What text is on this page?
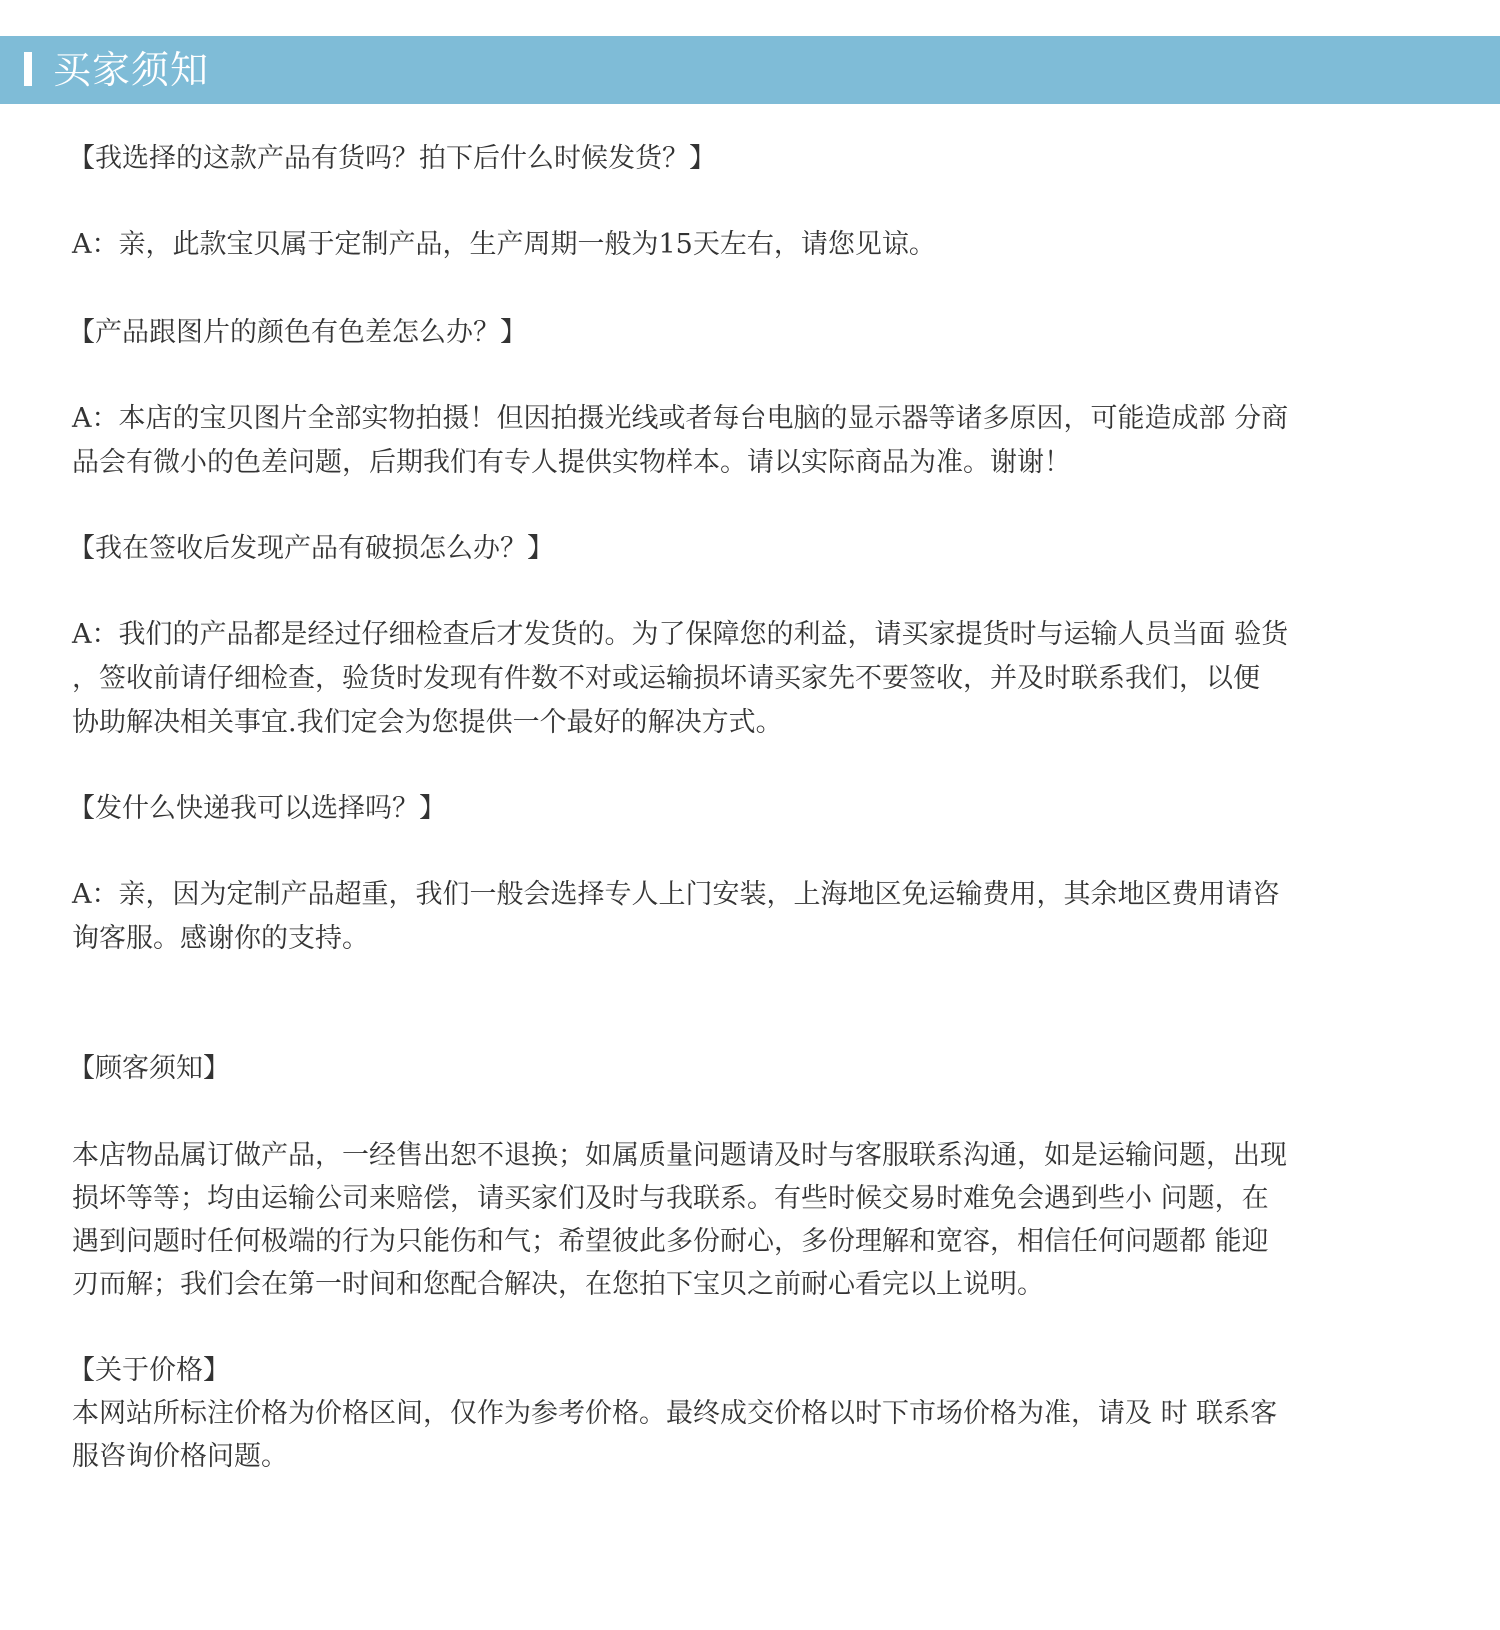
买家须知

【我选择的这款产品有货吗？拍下后什么时候发货？】

A：亲，此款宝贝属于定制产品，生产周期一般为15天左右，请您见谅。

【产品跟图片的颜色有色差怎么办？】

A：本店的宝贝图片全部实物拍摄！但因拍摄光线或者每台电脑的显示器等诸多原因，可能造成部 分商

品会有微小的色差问题，后期我们有专人提供实物样本。请以实际商品为准。谢谢！

【我在签收后发现产品有破损怎么办？】

A：我们的产品都是经过仔细检查后才发货的。为了保障您的利益，请买家提货时与运输人员当面 验货

，签收前请仔细检查，验货时发现有件数不对或运输损坏请买家先不要签收，并及时联系我们，以便

协助解决相关事宜.我们定会为您提供一个最好的解决方式。

【发什么快递我可以选择吗？】

A：亲，因为定制产品超重，我们一般会选择专人上门安装，上海地区免运输费用，其余地区费用请咨

询客服。感谢你的支持。

【顾客须知】

本店物品属订做产品，一经售出恕不退换；如属质量问题请及时与客服联系沟通，如是运输问题，出现

损坏等等；均由运输公司来赔偿，请买家们及时与我联系。有些时候交易时难免会遇到些小 问题，在

遇到问题时任何极端的行为只能伤和气；希望彼此多份耐心，多份理解和宽容，相信任何问题都 能迎

刃而解；我们会在第一时间和您配合解决，在您拍下宝贝之前耐心看完以上说明。

【关于价格】

本网站所标注价格为价格区间，仅作为参考价格。最终成交价格以时下市场价格为准，请及 时 联系客

服咨询价格问题。
